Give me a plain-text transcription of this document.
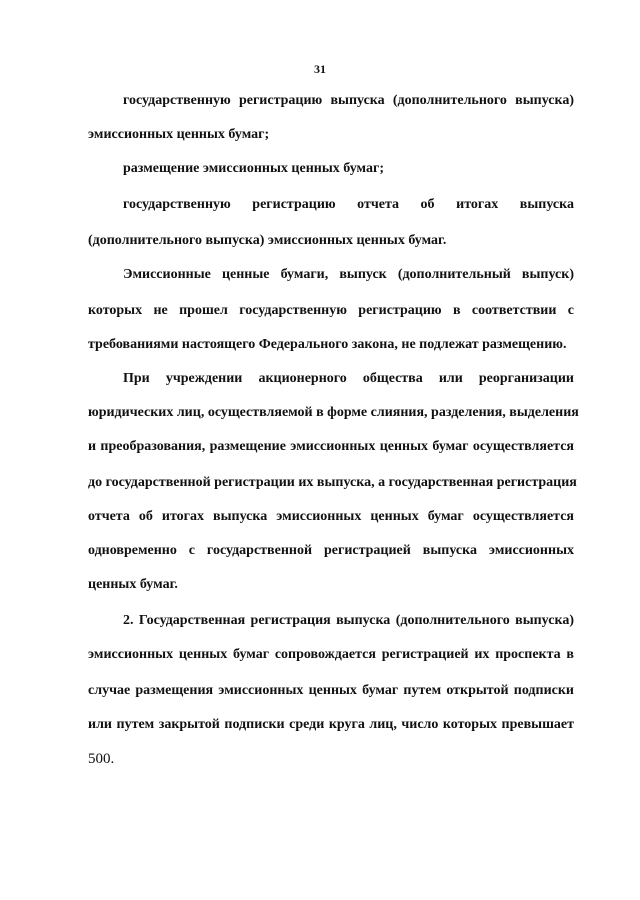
31
государственную регистрацию выпуска (дополнительного выпуска)
эмиссионных ценных бумаг;
размещение эмиссионных ценных бумаг;
государственную регистрацию отчета об итогах выпуска
(дополнительного выпуска) эмиссионных ценных бумаг.
Эмиссионные ценные бумаги, выпуск (дополнительный выпуск)
которых не прошел государственную регистрацию в соответствии с
требованиями настоящего Федерального закона, не подлежат размещению.
При учреждении акционерного общества или реорганизации
юридических лиц, осуществляемой в форме слияния, разделения, выделения
и преобразования, размещение эмиссионных ценных бумаг осуществляется
до государственной регистрации их выпуска, а государственная регистрация
отчета об итогах выпуска эмиссионных ценных бумаг осуществляется
одновременно с государственной регистрацией выпуска эмиссионных
ценных бумаг.
2. Государственная регистрация выпуска (дополнительного выпуска)
эмиссионных ценных бумаг сопровождается регистрацией их проспекта в
случае размещения эмиссионных ценных бумаг путем открытой подписки
или путем закрытой подписки среди круга лиц, число которых превышает
500.
